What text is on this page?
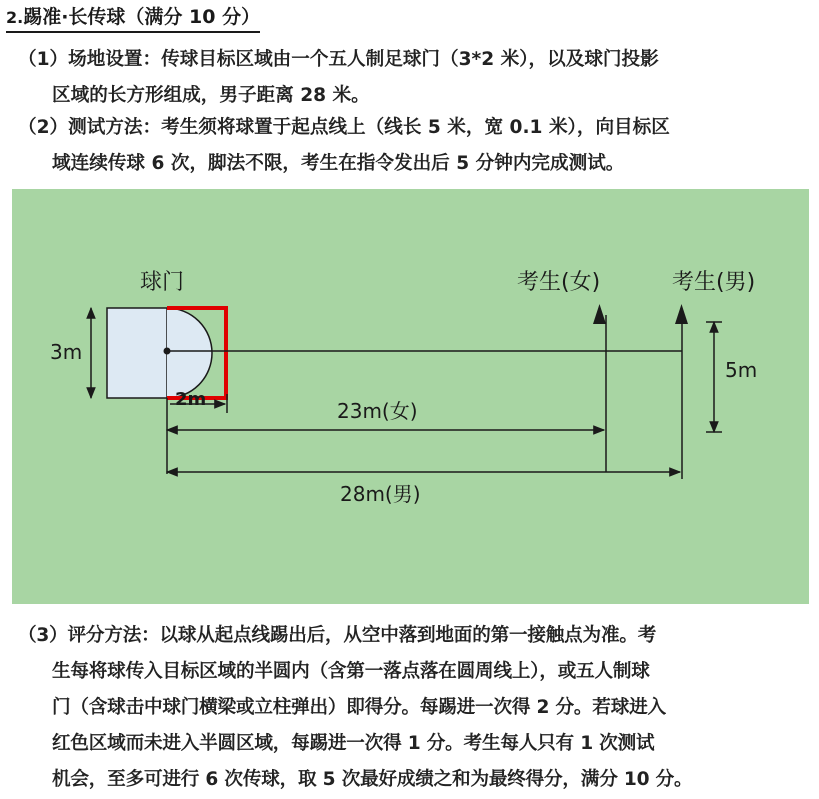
2.踢准·长传球（满分 10 分）
（1）场地设置：传球目标区域由一个五人制足球门（3*2 米），以及球门投影
区域的长方形组成，男子距离 28 米。
（2）测试方法：考生须将球置于起点线上（线长 5 米，宽 0.1 米），向目标区
域连续传球 6 次，脚法不限，考生在指令发出后 5 分钟内完成测试。
3m
球门
2m
考生(女)	考生(男)
5m
23m(女)
28m(男)
（3）评分方法：以球从起点线踢出后，从空中落到地面的第一接触点为准。考
生每将球传入目标区域的半圆内（含第一落点落在圆周线上），或五人制球
门（含球击中球门横梁或立柱弹出）即得分。每踢进一次得 2 分。若球进入
红色区域而未进入半圆区域，每踢进一次得 1 分。考生每人只有 1 次测试
机会，至多可进行 6 次传球，取 5 次最好成绩之和为最终得分，满分 10 分。
